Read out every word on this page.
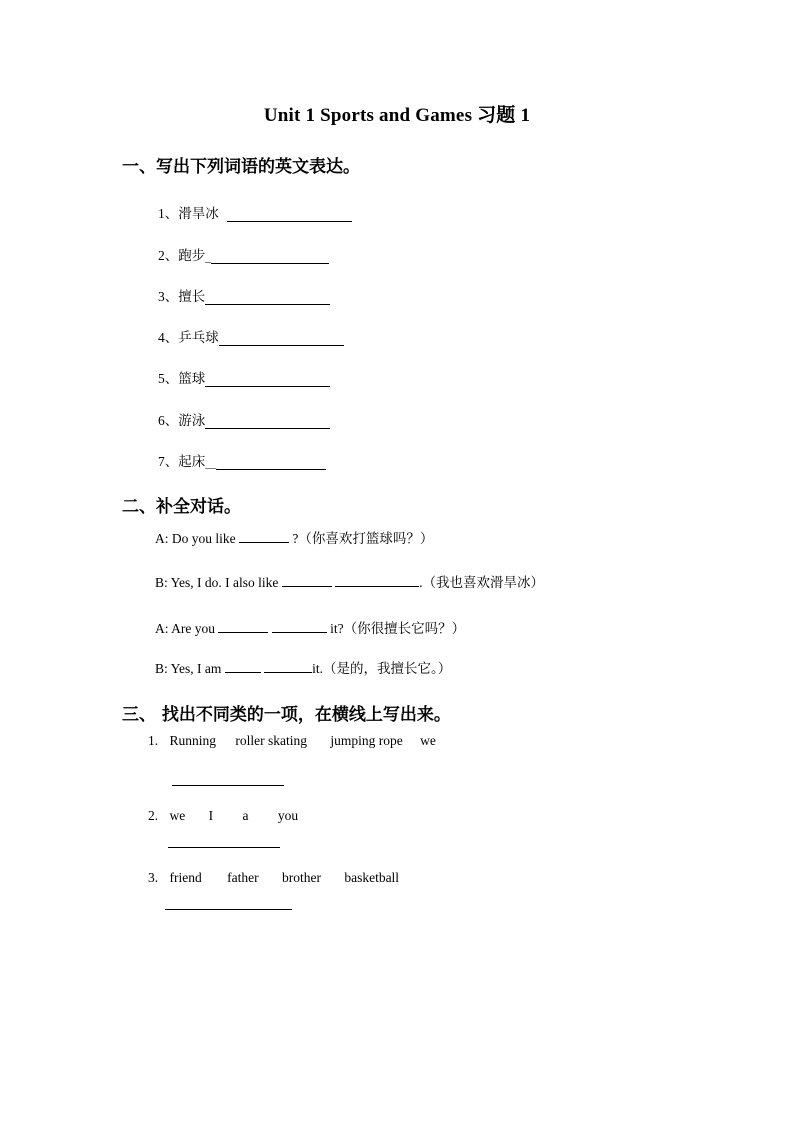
Unit 1 Sports and Games 习题 1
一、写出下列词语的英文表达。
1、 滑旱冰
2、 跑步 _
3、 擅长
4、 乒乓球
5、 篮球
6、 游泳
7、 起床 __
二、补全对话。
A: Do you like	?（你喜欢打篮球吗？）
B: Yes, I do. I also like	.（我也喜欢滑旱冰）
A: Are you	it?（你很擅长它吗？）
B: Yes, I am	it.（是的，我擅长它。）
三、 找出不同类的一项，在横线上写出来。
1. Running roller skating jumping rope we
2. we I a you
3. friend father brother basketball
